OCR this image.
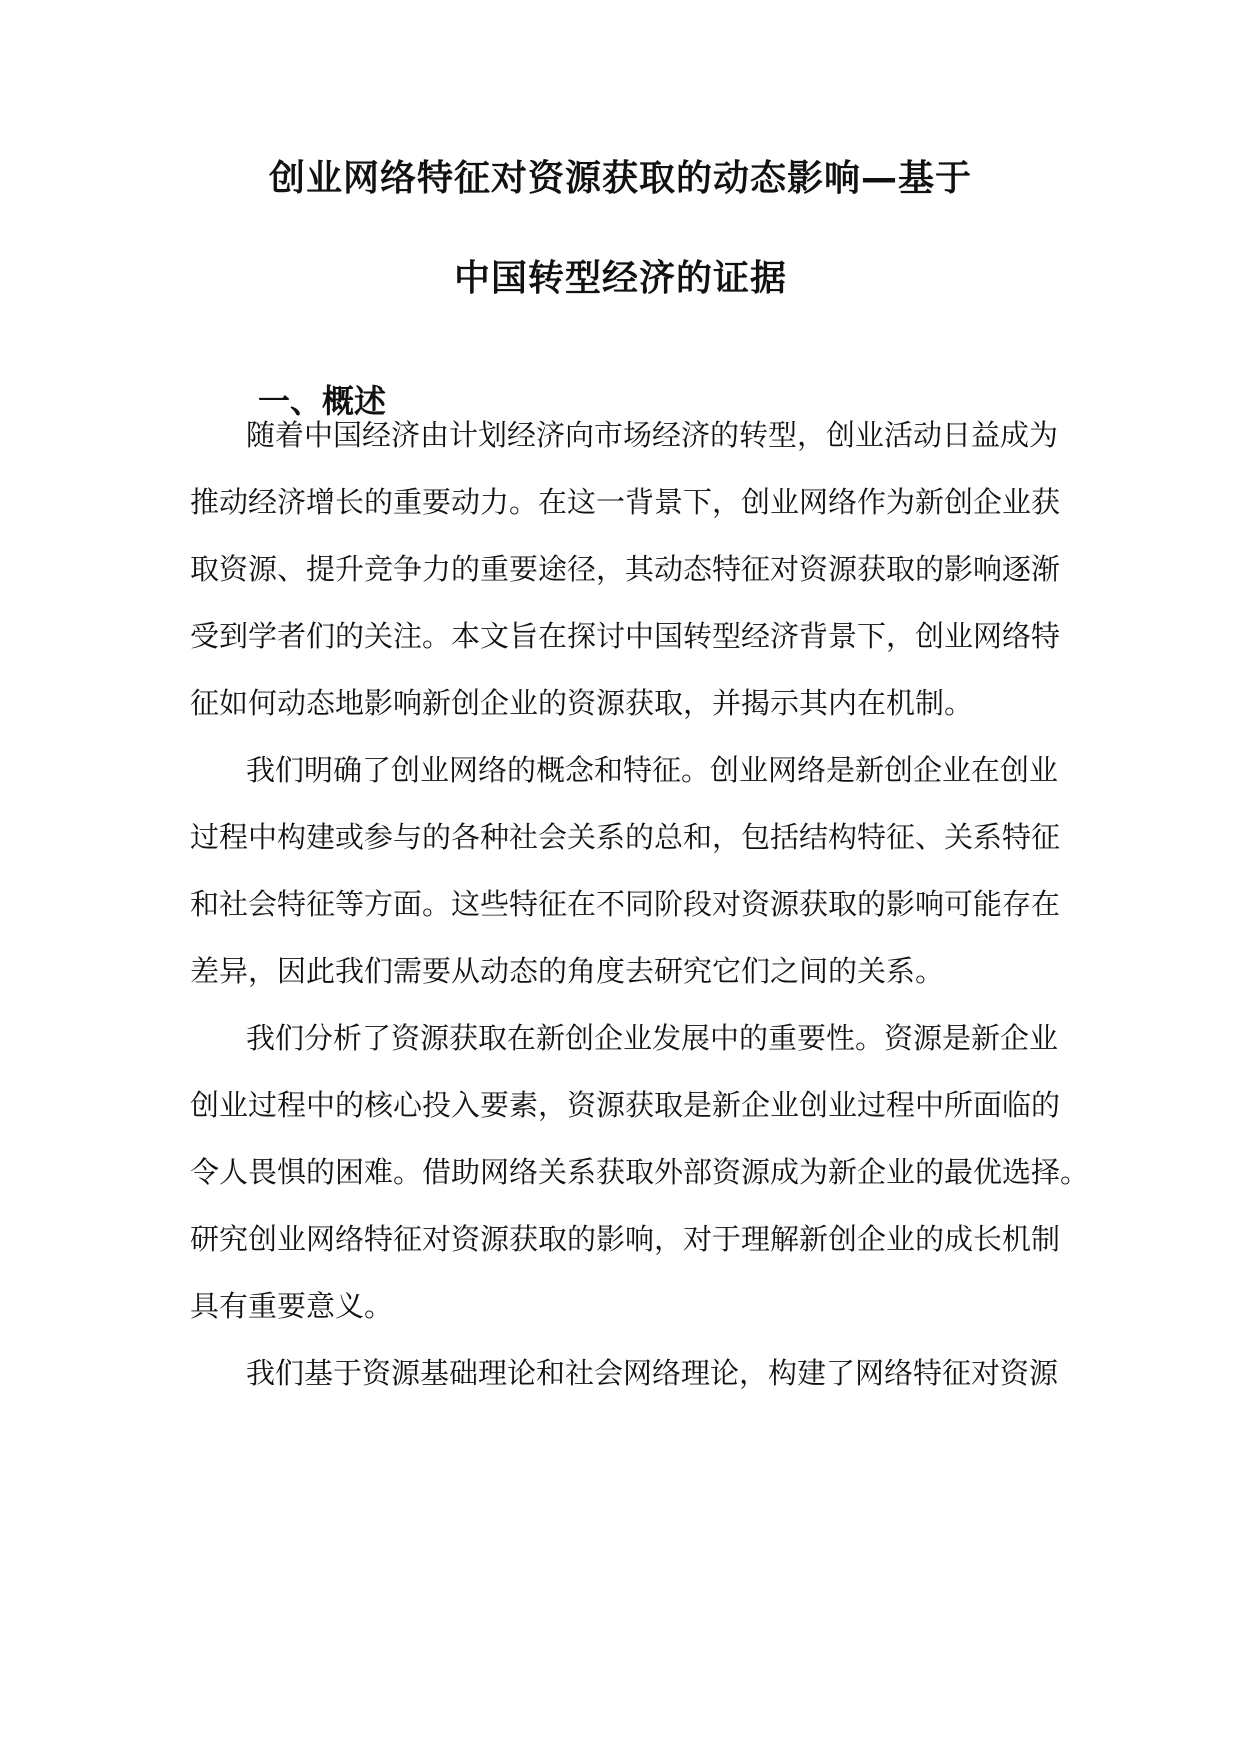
创业网络特征对资源获取的动态影响—基于
中国转型经济的证据
一、概述
随着中国经济由计划经济向市场经济的转型，创业活动日益成为
推动经济增长的重要动力。在这一背景下，创业网络作为新创企业获
取资源、提升竞争力的重要途径，其动态特征对资源获取的影响逐渐
受到学者们的关注。本文旨在探讨中国转型经济背景下，创业网络特
征如何动态地影响新创企业的资源获取，并揭示其内在机制。
我们明确了创业网络的概念和特征。创业网络是新创企业在创业
过程中构建或参与的各种社会关系的总和，包括结构特征、关系特征
和社会特征等方面。这些特征在不同阶段对资源获取的影响可能存在
差异，因此我们需要从动态的角度去研究它们之间的关系。
我们分析了资源获取在新创企业发展中的重要性。资源是新企业
创业过程中的核心投入要素，资源获取是新企业创业过程中所面临的
令人畏惧的困难。借助网络关系获取外部资源成为新企业的最优选择。
研究创业网络特征对资源获取的影响，对于理解新创企业的成长机制
具有重要意义。
我们基于资源基础理论和社会网络理论，构建了网络特征对资源
